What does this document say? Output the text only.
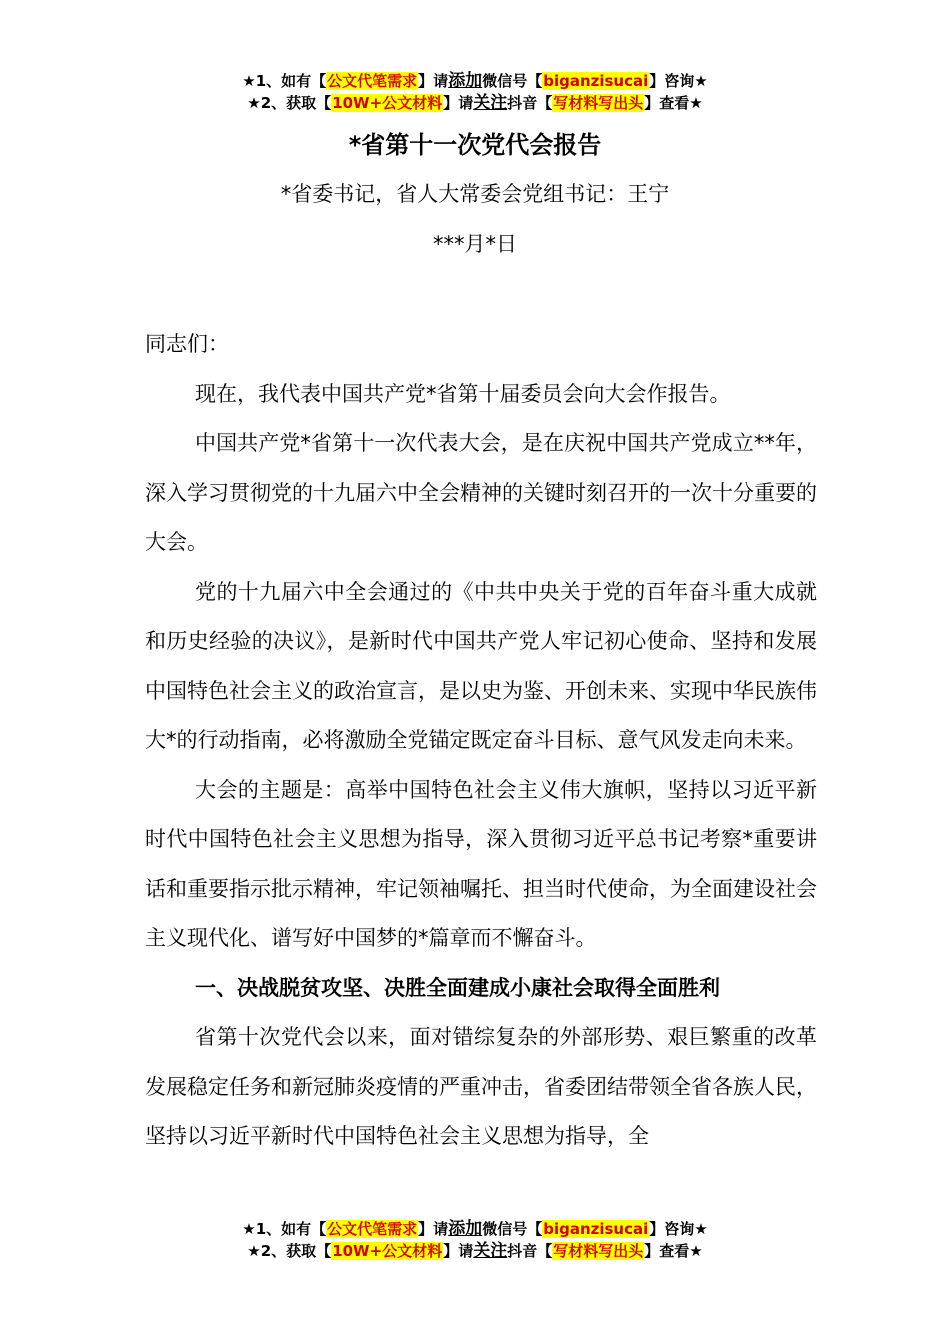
★1、如有【公文代笔需求】请添加微信号【biganzisucai】咨询★
★2、获取【10W+公文材料】请关注抖音【写材料写出头】查看★
*省第十一次党代会报告
*省委书记，省人大常委会党组书记：王宁
***月*日

同志们：

现在，我代表中国共产党*省第十届委员会向大会作报告。

中国共产党*省第十一次代表大会，是在庆祝中国共产党成立**年，深入学习贯彻党的十九届六中全会精神的关键时刻召开的一次十分重要的大会。

党的十九届六中全会通过的《中共中央关于党的百年奋斗重大成就和历史经验的决议》，是新时代中国共产党人牢记初心使命、坚持和发展中国特色社会主义的政治宣言，是以史为鉴、开创未来、实现中华民族伟大*的行动指南，必将激励全党锚定既定奋斗目标、意气风发走向未来。

大会的主题是：高举中国特色社会主义伟大旗帜，坚持以习近平新时代中国特色社会主义思想为指导，深入贯彻习近平总书记考察*重要讲话和重要指示批示精神，牢记领袖嘱托、担当时代使命，为全面建设社会主义现代化、谱写好中国梦的*篇章而不懈奋斗。

一、决战脱贫攻坚、决胜全面建成小康社会取得全面胜利

省第十次党代会以来，面对错综复杂的外部形势、艰巨繁重的改革发展稳定任务和新冠肺炎疫情的严重冲击，省委团结带领全省各族人民，坚持以习近平新时代中国特色社会主义思想为指导，全

★1、如有【公文代笔需求】请添加微信号【biganzisucai】咨询★
★2、获取【10W+公文材料】请关注抖音【写材料写出头】查看★
